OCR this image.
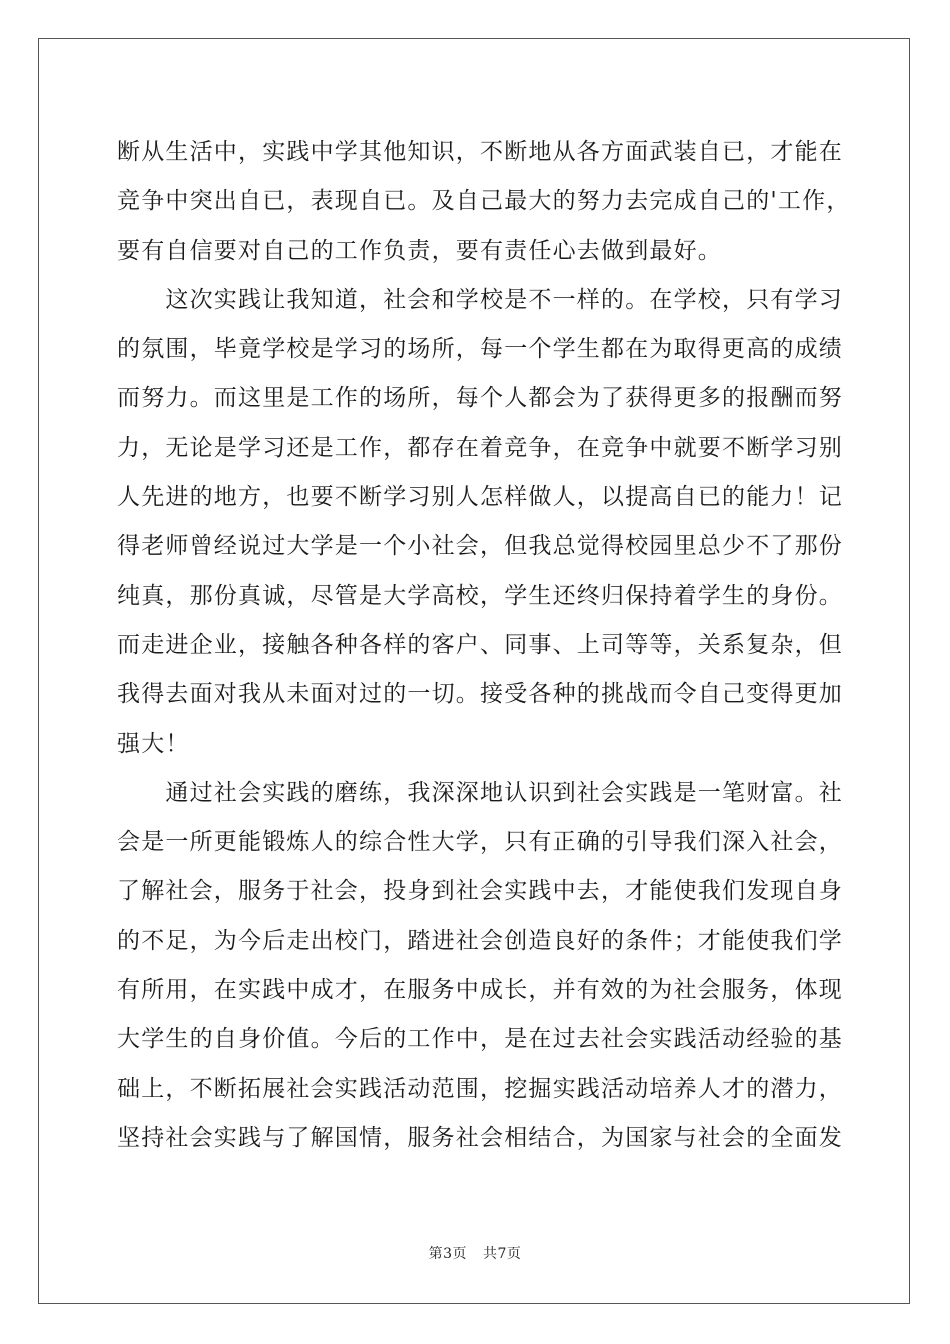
断从生活中，实践中学其他知识，不断地从各方面武装自已，才能在
竞争中突出自已，表现自已。及自己最大的努力去完成自己的'工作，
要有自信要对自己的工作负责，要有责任心去做到最好。
　　这次实践让我知道，社会和学校是不一样的。在学校，只有学习
的氛围，毕竟学校是学习的场所，每一个学生都在为取得更高的成绩
而努力。而这里是工作的场所，每个人都会为了获得更多的报酬而努
力，无论是学习还是工作，都存在着竞争，在竞争中就要不断学习别
人先进的地方，也要不断学习别人怎样做人，以提高自已的能力！记
得老师曾经说过大学是一个小社会，但我总觉得校园里总少不了那份
纯真，那份真诚，尽管是大学高校，学生还终归保持着学生的身份。
而走进企业，接触各种各样的客户、同事、上司等等，关系复杂，但
我得去面对我从未面对过的一切。接受各种的挑战而令自己变得更加
强大！
　　通过社会实践的磨练，我深深地认识到社会实践是一笔财富。社
会是一所更能锻炼人的综合性大学，只有正确的引导我们深入社会，
了解社会，服务于社会，投身到社会实践中去，才能使我们发现自身
的不足，为今后走出校门，踏进社会创造良好的条件；才能使我们学
有所用，在实践中成才，在服务中成长，并有效的为社会服务，体现
大学生的自身价值。今后的工作中，是在过去社会实践活动经验的基
础上，不断拓展社会实践活动范围，挖掘实践活动培养人才的潜力，
坚持社会实践与了解国情，服务社会相结合，为国家与社会的全面发
第3页 共7页
